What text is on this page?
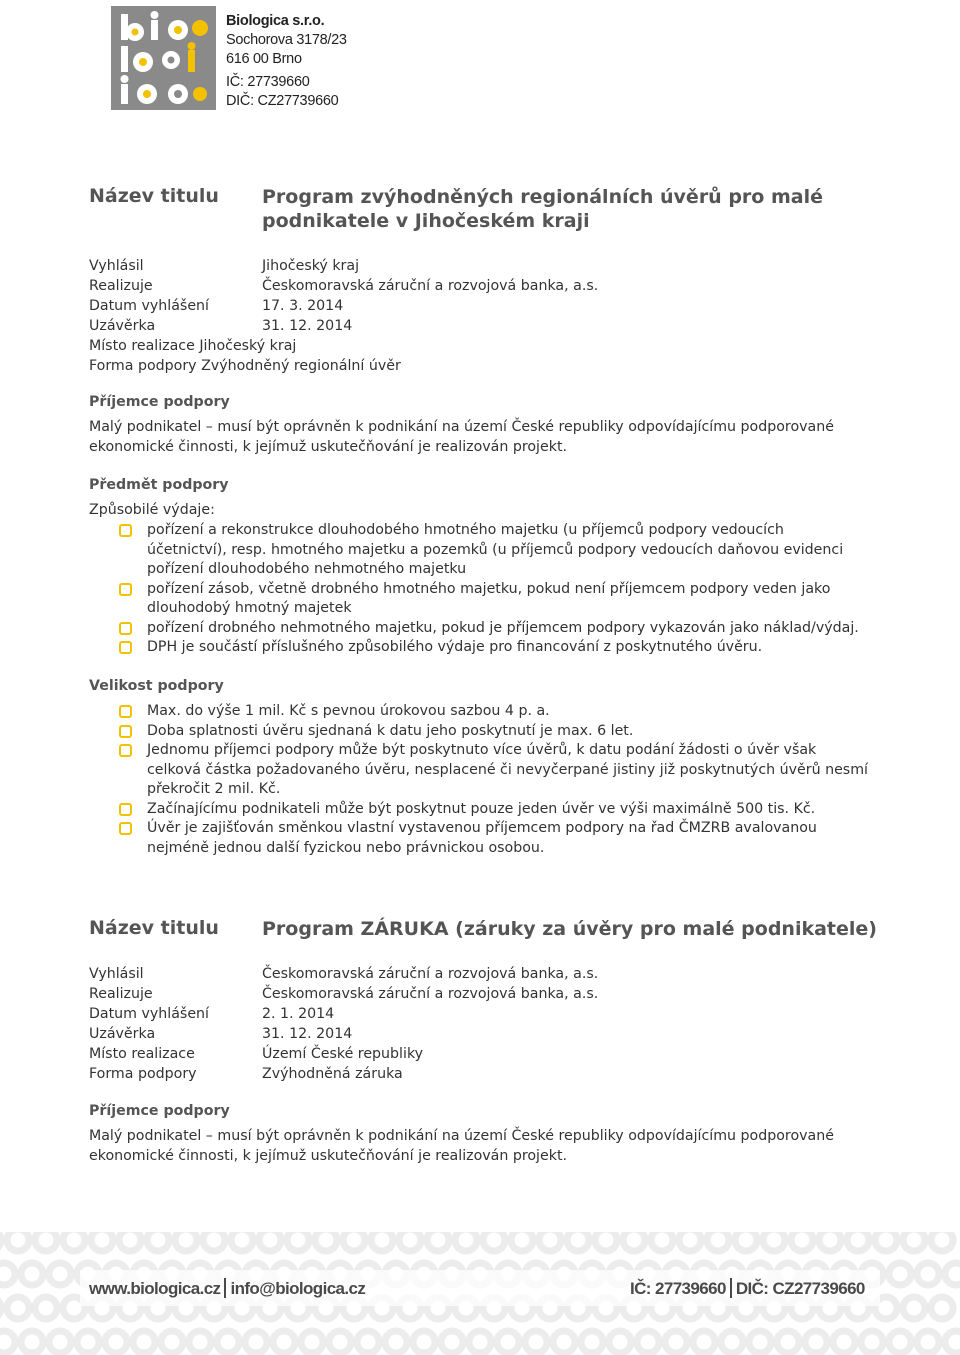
Biologica s.r.o.
Sochorova 3178/23
616 00 Brno
IČ: 27739660
DIČ: CZ27739660
Název titulu Program zvýhodněných regionálních úvěrů pro malé
podnikatele v Jihočeském kraji
Vyhlásil	Jihočeský kraj
Realizuje	Českomoravská záruční a rozvojová banka, a.s.
Datum vyhlášení	17. 3. 2014
Uzávěrka	31. 12. 2014
Místo realizace Jihočeský kraj
Forma podpory Zvýhodněný regionální úvěr
Příjemce podpory
Malý podnikatel – musí být oprávněn k podnikání na území České republiky odpovídajícímu podporované
ekonomické činnosti, k jejímuž uskutečňování je realizován projekt.
Předmět podpory
Způsobilé výdaje:
pořízení a rekonstrukce dlouhodobého hmotného majetku (u příjemců podpory vedoucích
účetnictví), resp. hmotného majetku a pozemků (u příjemců podpory vedoucích daňovou evidenci
pořízení dlouhodobého nehmotného majetku
pořízení zásob, včetně drobného hmotného majetku, pokud není příjemcem podpory veden jako
dlouhodobý hmotný majetek
pořízení drobného nehmotného majetku, pokud je příjemcem podpory vykazován jako náklad/výdaj.
DPH je součástí příslušného způsobilého výdaje pro financování z poskytnutého úvěru.
Velikost podpory
Max. do výše 1 mil. Kč s pevnou úrokovou sazbou 4 p. a.
Doba splatnosti úvěru sjednaná k datu jeho poskytnutí je max. 6 let.
Jednomu příjemci podpory může být poskytnuto více úvěrů, k datu podání žádosti o úvěr však
celková částka požadovaného úvěru, nesplacené či nevyčerpané jistiny již poskytnutých úvěrů nesmí
překročit 2 mil. Kč.
Začínajícímu podnikateli může být poskytnut pouze jeden úvěr ve výši maximálně 500 tis. Kč.
Úvěr je zajišťován směnkou vlastní vystavenou příjemcem podpory na řad ČMZRB avalovanou
nejméně jednou další fyzickou nebo právnickou osobou.
Název titulu Program ZÁRUKA (záruky za úvěry pro malé podnikatele)
Vyhlásil	Českomoravská záruční a rozvojová banka, a.s.
Realizuje	Českomoravská záruční a rozvojová banka, a.s.
Datum vyhlášení	2. 1. 2014
Uzávěrka	31. 12. 2014
Místo realizace	Území České republiky
Forma podpory	Zvýhodněná záruka
Příjemce podpory
Malý podnikatel – musí být oprávněn k podnikání na území České republiky odpovídajícímu podporované
ekonomické činnosti, k jejímuž uskutečňování je realizován projekt.
www.biologica.cz info@biologica.cz	IČ: 27739660 DIČ: CZ27739660
